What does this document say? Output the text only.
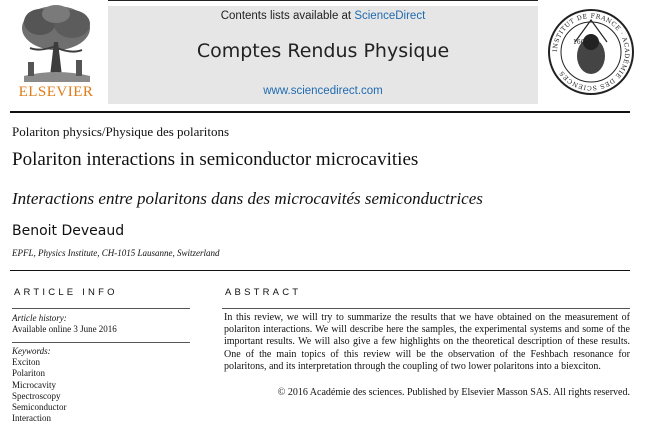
ELSEVIER
Contents lists available at ScienceDirect
Comptes Rendus Physique
www.sciencedirect.com
INSTITUT DE FRANCE · ACADÉMIE DES SCIENCES
1666
Polariton physics/Physique des polaritons
Polariton interactions in semiconductor microcavities
Interactions entre polaritons dans des microcavités semiconductrices
Benoit Deveaud
EPFL, Physics Institute, CH-1015 Lausanne, Switzerland
ARTICLE INFO	ABSTRACT
Article history:
Available online 3 June 2016
Keywords:
Exciton
Polariton
Microcavity
Spectroscopy
Semiconductor
Interaction

In this review, we will try to summarize the results that we have obtained on the measurement of polariton interactions. We will describe here the samples, the experimental systems and some of the important results. We will also give a few highlights on the theoretical description of these results. One of the main topics of this review will be the observation of the Feshbach resonance for polaritons, and its interpretation through the coupling of two lower polaritons into a biexciton.

© 2016 Académie des sciences. Published by Elsevier Masson SAS. All rights reserved.
